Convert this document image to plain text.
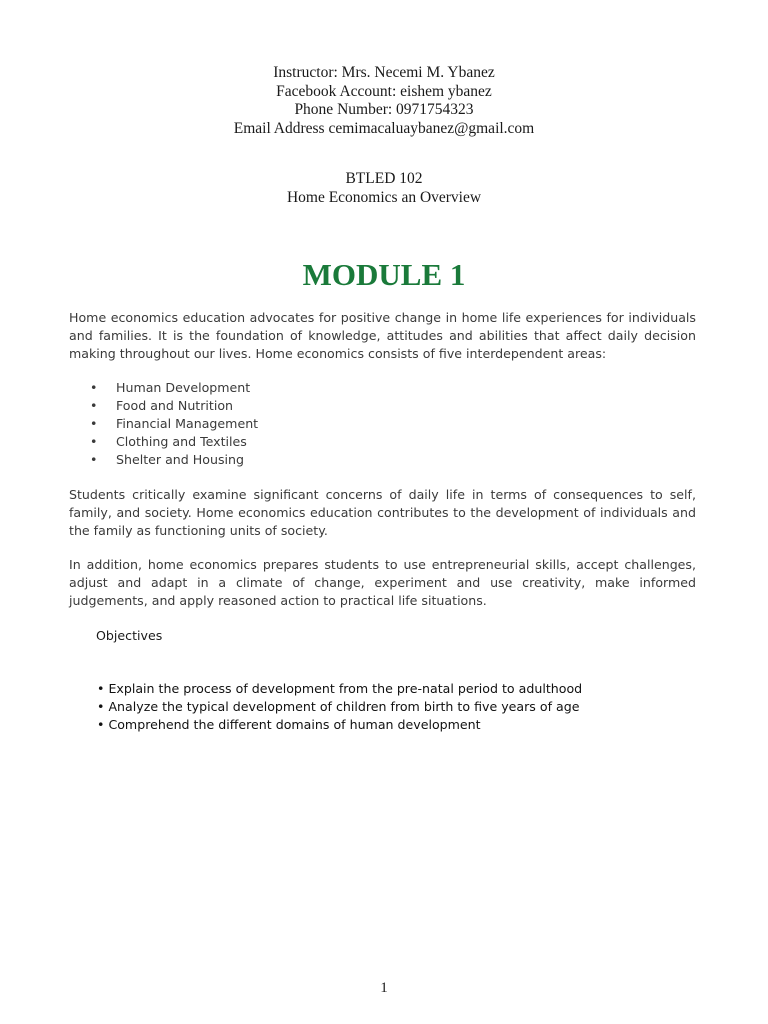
Instructor: Mrs. Necemi M. Ybanez
Facebook Account: eishem ybanez
Phone Number: 0971754323
Email Address cemimacaluaybanez@gmail.com
BTLED 102
Home Economics an Overview
MODULE 1

Home economics education advocates for positive change in home life experiences for individuals and families. It is the foundation of knowledge, attitudes and abilities that affect daily decision making throughout our lives. Home economics consists of five interdependent areas:

• Human Development
• Food and Nutrition
• Financial Management
• Clothing and Textiles
• Shelter and Housing

Students critically examine significant concerns of daily life in terms of consequences to self, family, and society. Home economics education contributes to the development of individuals and the family as functioning units of society.

In addition, home economics prepares students to use entrepreneurial skills, accept challenges, adjust and adapt in a climate of change, experiment and use creativity, make informed judgements, and apply reasoned action to practical life situations.

Objectives

• Explain the process of development from the pre-natal period to adulthood
• Analyze the typical development of children from birth to five years of age
• Comprehend the different domains of human development
1
